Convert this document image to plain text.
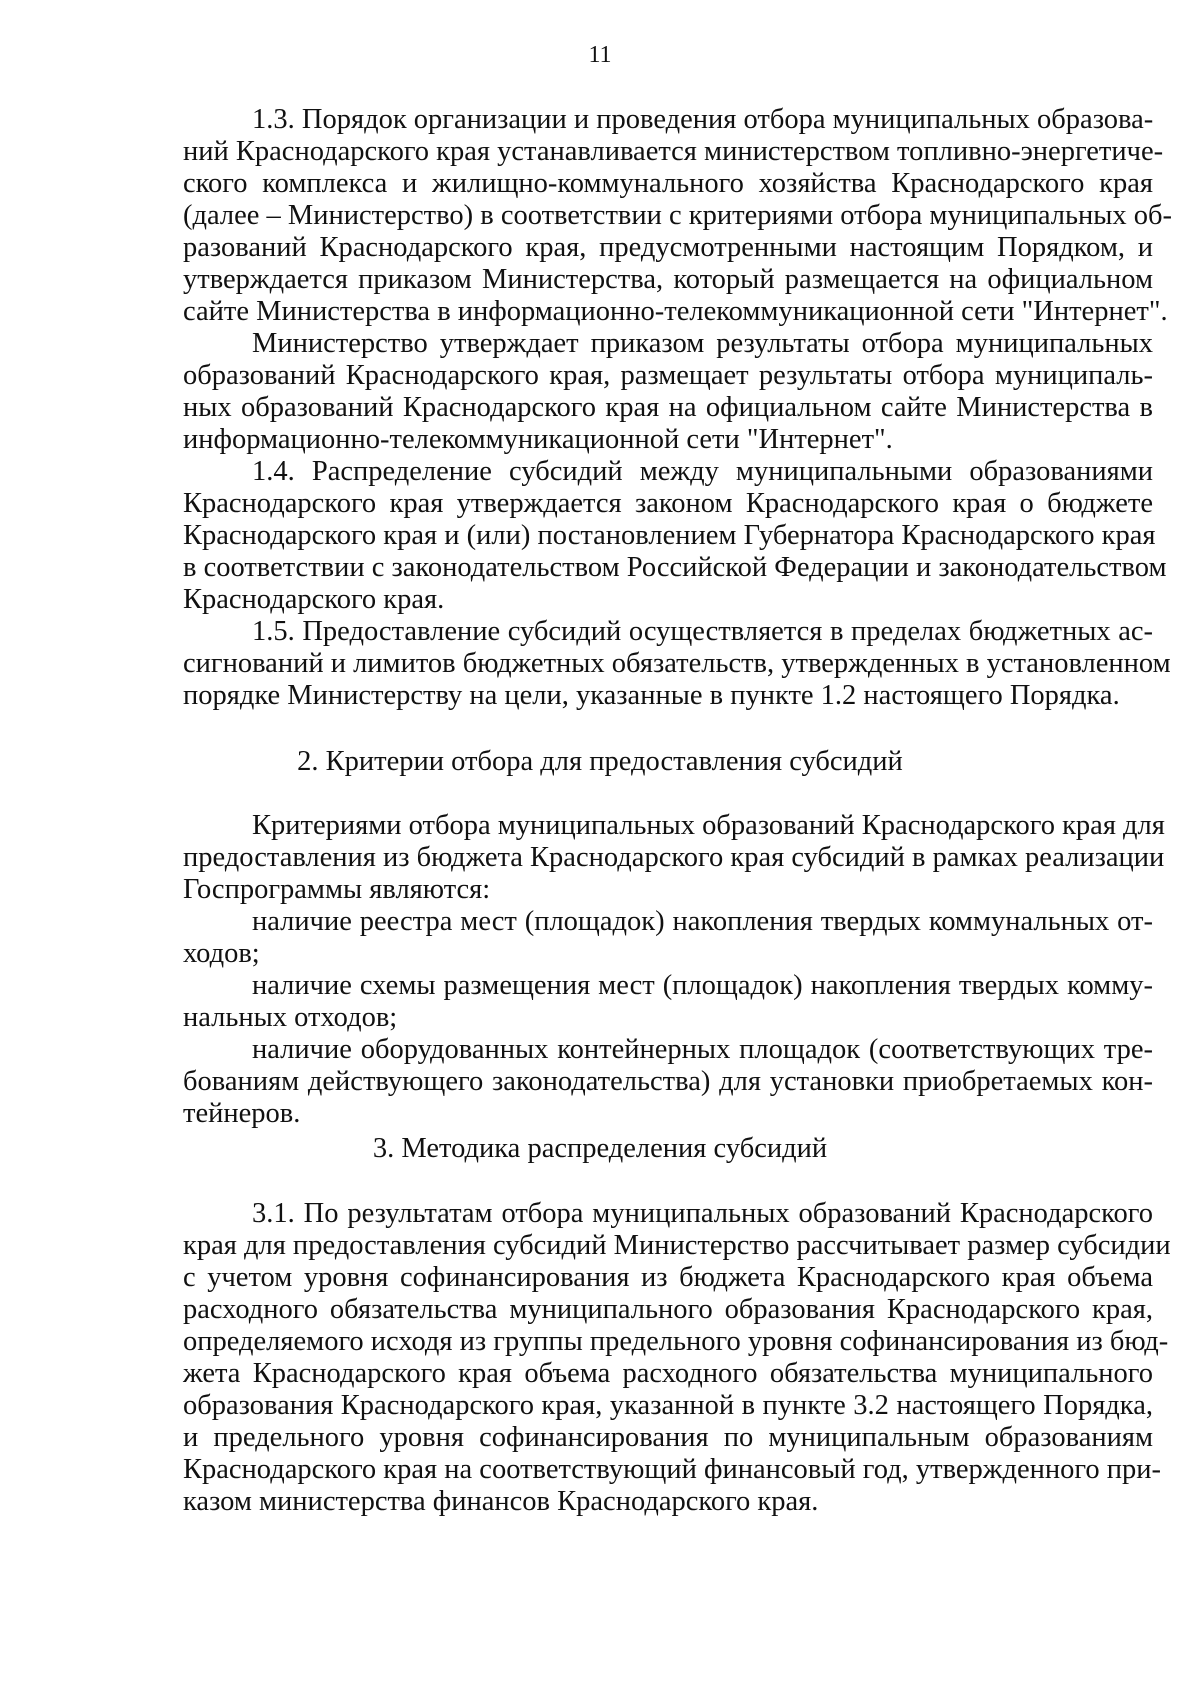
11
1.3. Порядок организации и проведения отбора муниципальных образова-
ний Краснодарского края устанавливается министерством топливно-энергетиче-
ского комплекса и жилищно-коммунального хозяйства Краснодарского края
(далее – Министерство) в соответствии с критериями отбора муниципальных об-
разований Краснодарского края, предусмотренными настоящим Порядком, и
утверждается приказом Министерства, который размещается на официальном
сайте Министерства в информационно-телекоммуникационной сети "Интернет".
Министерство утверждает приказом результаты отбора муниципальных
образований Краснодарского края, размещает результаты отбора муниципаль-
ных образований Краснодарского края на официальном сайте Министерства в
информационно-телекоммуникационной сети "Интернет".
1.4. Распределение субсидий между муниципальными образованиями
Краснодарского края утверждается законом Краснодарского края о бюджете
Краснодарского края и (или) постановлением Губернатора Краснодарского края
в соответствии с законодательством Российской Федерации и законодательством
Краснодарского края.
1.5. Предоставление субсидий осуществляется в пределах бюджетных ас-
сигнований и лимитов бюджетных обязательств, утвержденных в установленном
порядке Министерству на цели, указанные в пункте 1.2 настоящего Порядка.
2. Критерии отбора для предоставления субсидий
Критериями отбора муниципальных образований Краснодарского края для
предоставления из бюджета Краснодарского края субсидий в рамках реализации
Госпрограммы являются:
наличие реестра мест (площадок) накопления твердых коммунальных от-
ходов;
наличие схемы размещения мест (площадок) накопления твердых комму-
нальных отходов;
наличие оборудованных контейнерных площадок (соответствующих тре-
бованиям действующего законодательства) для установки приобретаемых кон-
тейнеров.
3. Методика распределения субсидий
3.1. По результатам отбора муниципальных образований Краснодарского
края для предоставления субсидий Министерство рассчитывает размер субсидии
с учетом уровня софинансирования из бюджета Краснодарского края объема
расходного обязательства муниципального образования Краснодарского края,
определяемого исходя из группы предельного уровня софинансирования из бюд-
жета Краснодарского края объема расходного обязательства муниципального
образования Краснодарского края, указанной в пункте 3.2 настоящего Порядка,
и предельного уровня софинансирования по муниципальным образованиям
Краснодарского края на соответствующий финансовый год, утвержденного при-
казом министерства финансов Краснодарского края.
